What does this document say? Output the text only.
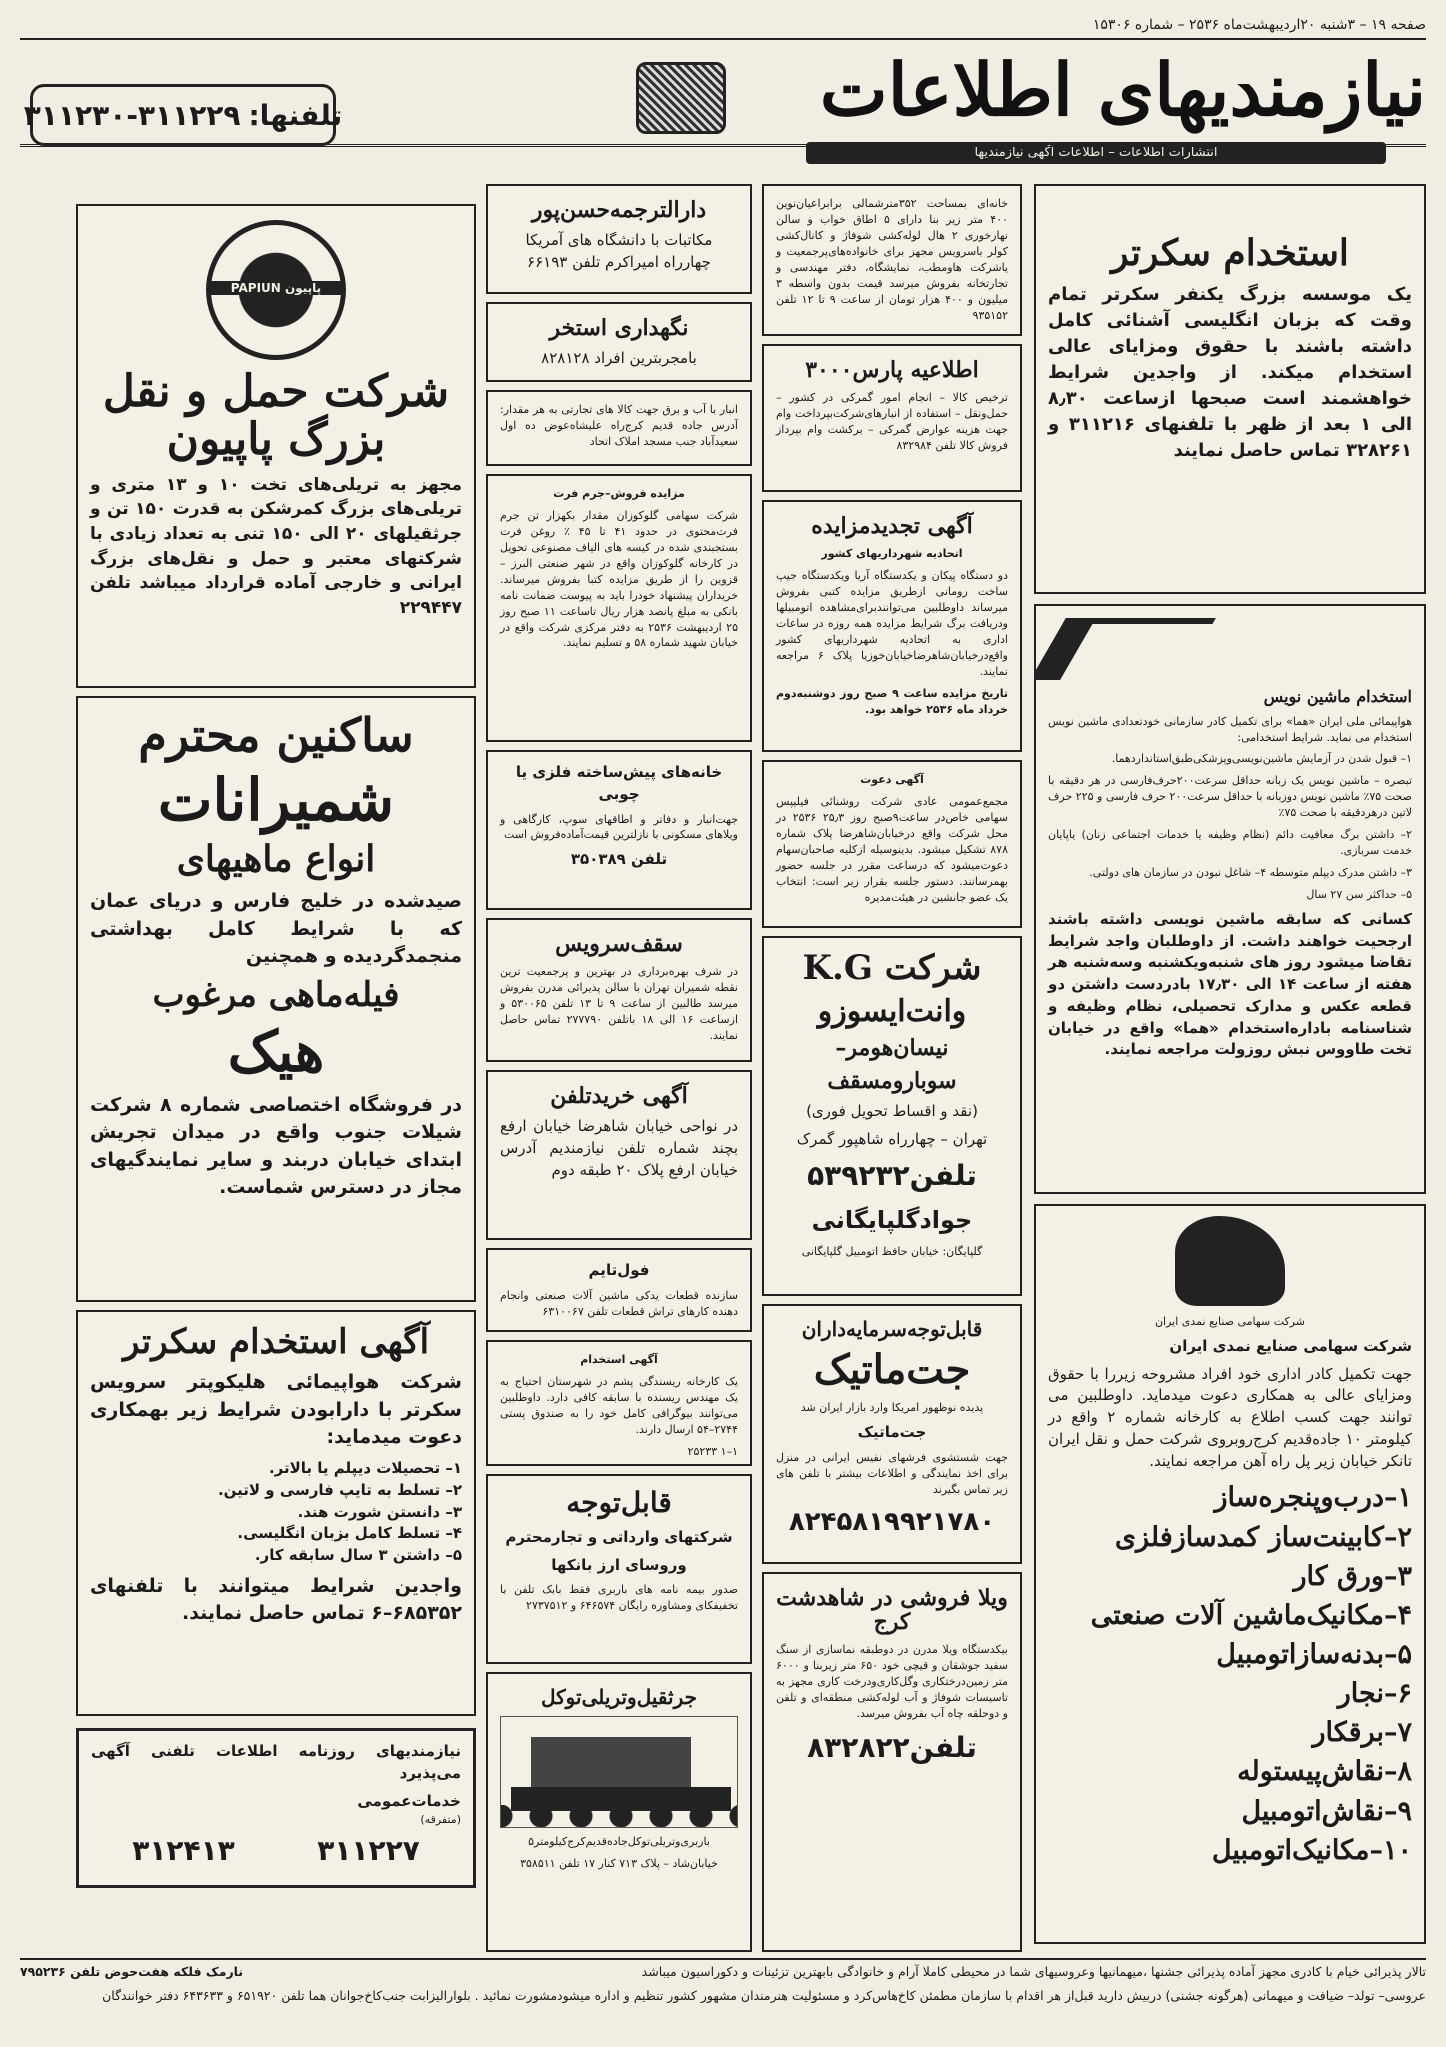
صفحه ۱۹ – ۳شنبه ۲۰اردیبهشت‌ماه ۲۵۳۶ – شماره ۱۵۳۰۶
نیازمندیهای اطلاعات
انتشارات اطلاعات – اطلاعات آگهی نیازمندیها
تلفنها:
۳۱۱۲۳۰-۳۱۱۲۲۹
استخدام سکرتر

یک موسسه بزرگ یکنفر سکرتر تمام وقت که بزبان انگلیسی آشنائی کامل داشته باشند با حقوق ومزایای عالی استخدام میکند. از واجدین شرایط خواهشمند است صبحها ازساعت ۸٫۳۰ الی ۱ بعد از ظهر با تلفنهای ۳۱۱۲۱۶ و ۳۲۸۲۶۱ تماس حاصل نمایند

استخدام ماشین نویس

هواپیمائی ملی ایران «هما» برای تکمیل کادر سازمانی خودتعدادی ماشین نویس استخدام می نماید. شرایط استخدامی:

۱– قبول شدن در آزمایش ماشین‌نویسی‌وپزشکی‌طبق‌استانداردهما.

تبصره – ماشین نویس یک زبانه حداقل سرعت۲۰۰حرف‌فارسی در هر دقیقه با صحت ۷۵٪ ماشین نویس دوزبانه با حداقل سرعت۲۰۰ حرف فارسی و ۲۲۵ حرف لاتین درهردقیقه با صحت ۷۵٪

۲– داشتن برگ معافیت دائم (نظام وظیفه یا خدمات اجتماعی زنان) یاپایان خدمت سربازی.

۳– داشتن مدرک دیپلم متوسطه ۴– شاغل نبودن در سازمان های دولتی.

۵– حداکثر سن ۲۷ سال

کسانی که سابقه ماشین نویسی داشته باشند ارجحیت خواهند داشت. از داوطلبان واجد شرایط تقاضا میشود روز های شنبه‌و‌یکشنبه وسه‌شنبه هر هفته از ساعت ۱۴ الی ۱۷٫۳۰ بادردست داشتن دو قطعه عکس و مدارک تحصیلی، نظام وظیفه و شناسنامه باداره‌استخدام «هما» واقع در خیابان تخت طاووس نبش روزولت مراجعه نمایند.

شرکت سهامی صنایع نمدی ایران

شرکت سهامی صنایع نمدی ایران

جهت تکمیل کادر اداری خود افراد مشروحه زیررا با حقوق ومزایای عالی به همکاری دعوت میدماید. داوطلبین می توانند جهت کسب اطلاع به کارخانه شماره ۲ واقع در کیلومتر ۱۰ جاده‌قدیم کرج‌روبروی شرکت حمل و نقل ایران تانکر خیابان زیر پل راه آهن مراجعه نمایند.

۱–درب‌وپنجره‌ساز
۲–کابینت‌ساز کمدسازفلزی
۳–ورق کار
۴–مکانیک‌ماشین آلات صنعتی
۵–بدنه‌سازاتومبیل
۶–نجار
۷–برقکار
۸–نقاش‌پیستوله
۹–نقاش‌اتومبیل
۱۰–مکانیک‌اتومبیل

خانه‌ای بمساحت ۳۵۲مترشمالی برابراعیان‌نوین ۴۰۰ متر زیر بنا دارای ۵ اطاق خواب و سالن نهارخوری ۲ هال لوله‌کشی شوفاژ و کانال‌کشی کولر باسرویس مجهز برای خانواده‌های‌پرجمعیت و یاشرکت هاومطب، نمایشگاه، دفتر مهندسی و تجارتخانه بفروش میرسد قیمت بدون واسطه ۳ میلیون و ۴۰۰ هزار تومان از ساعت ۹ تا ۱۲ تلفن ۹۳۵۱۵۲

اطلاعیه پارس۳۰۰۰

ترخیص کالا – انجام امور گمرکی در کشور – حمل‌و‌نقل – استفاده از انبارهای‌شرکت‌بپرداخت وام جهت هزینه عوارض گمرکی – برکشت وام بپرداز فروش کالا تلفن ۸۳۲۹۸۴

آگهی تجدیدمزایده

اتحادیه شهرداریهای کشور

دو دستگاه پیکان و یکدستگاه آریا ویکدستگاه جیپ ساخت رومانی ازطریق مزایده کتبی بفروش میرساند داوطلبین می‌توانندبرای‌مشاهده اتومبیلها ودریافت برگ شرایط مزایده همه روزه در ساعات اداری به اتحادیه شهرداریهای کشور واقع‌درخیابان‌شاهرضاخیابان‌خوزیا پلاک ۶ مراجعه نمایند.

تاریخ مزایده ساعت ۹ صبح روز دوشنبه‌دوم خرداد ماه ۲۵۳۶ خواهد بود.

آگهی دعوت

مجمع‌عمومی عادی شرکت روشنائی فیلیپس سهامی خاص‌در ساعت۹صبح روز ۲۵٫۳ ۲۵۳۶ در محل شرکت واقع در‌خیابان‌شاهرضا پلاک شماره ۸۷۸ تشکیل میشود. بدینوسیله ازکلیه صاحبان‌سهام دعوت‌میشود که درساعت مقرر در جلسه حضور بهمرسانند. دستور جلسه بقرار زیر است: انتخاب یک عضو جانشین در هیئت‌مدیره

شرکت K.G
وانت‌ایسوزو
نیسان‌هومر–
سوبارومسقف

(نقد و اقساط تحویل فوری)

تهران – چهارراه شاهپور گمرک

تلفن۵۳۹۲۳۲

جوادگلپایگانی

گلپایگان: خیابان حافظ اتومبیل گلپایگانی

قابل‌توجه‌سرمایه‌داران
جت‌ماتیک

پدیده نوظهور امریکا وارد بازار ایران شد

جت‌ماتیک

جهت شستشوی فرشهای نفیس ایرانی در منزل برای اخذ نمایندگی و اطلاعات بیشتر با تلفن های زیر تماس بگیرند

۸۲۴۵۸۱۹۹۲۱۷۸۰

ویلا فروشی در شاهدشت کرج

بیکدستگاه ویلا مدرن در دوطبقه نماسازی از سنگ سفید جوشقان و قیچی خود ۶۵۰ متر زیربنا و ۶۰۰۰ متر زمین‌درختکاری وگل‌کاری‌ودرخت کاری مجهز به تاسیسات شوفاژ و آب لوله‌کشی منطقه‌ای و تلفن و دوحلقه چاه آب بفروش میرسد.

تلفن۸۳۲۸۲۲

دارالترجمه‌حسن‌پور

مکاتبات با دانشگاه های آمریکا چهارراه امیراکرم تلفن ۶۶۱۹۳

نگهداری استخر

بامجربترین افراد ۸۲۸۱۲۸

انبار با آب و برق جهت کالا های تجارتی به هر مقدار: آدرس جاده قدیم کرج‌راه علیشاه‌عوض ده اول سعیدآباد جنب مسجد املاک اتحاد

مزایده فروش–جرم فرت

شرکت سهامی گلوکوزان مقدار بکهزار تن جرم فرت‌محتوی در حدود ۴۱ تا ۴۵ ٪ روغن فرت بستجبندی شده در کیسه های الیاف مصنوعی تحویل در کارخانه گلوکوزان واقع در شهر صنعتی البرز – قزوین را از طریق مزایده کتبا بفروش میرساند. خریداران پیشنهاد خودرا باید به پیوست ضمانت نامه بانکی به مبلغ پانصد هزار ریال تاساعت ۱۱ صبح روز ۲۵ اردیبهشت ۲۵۳۶ به دفتر مرکزی شرکت واقع در خیابان شهید شماره ۵۸ و تسلیم نمایند.

خانه‌های پیش‌ساخته فلزی یا چوبی

جهت‌انبار و دفاتر و اطاقهای سوپ، کارگاهی و ویلاهای مسکونی با نازلترین قیمت‌آماده‌فروش است

تلفن ۳۵۰۳۸۹

سقف‌سرویس

در شرف بهره‌برداری در بهترین و پرجمعیت ترین نقطه شمیران تهران با سالن پذیرائی مدرن بفروش میرسد طالبین از ساعت ۹ تا ۱۳ تلفن ۵۳۰۰۶۵ و ازساعت ۱۶ الی ۱۸ باتلفن ۲۷۷۷۹۰ تماس حاصل نمایند.

آگهی خریدتلفن

در نواحی خیابان شاهرضا خیابان ارفع بچند شماره تلفن نیازمندیم آدرس خیابان ارفع پلاک ۲۰ طبقه دوم

فول‌تایم

سازنده قطعات یدکی ماشین آلات صنعتی وانجام دهنده کارهای تراش قطعات تلفن ۶۳۱۰۰۶۷

آگهی استخدام

یک کارخانه ریسندگی پشم در شهرستان احتیاج به یک مهندس ریسنده با سابقه کافی دارد. داوطلبین می‌توانند بیوگرافی کامل خود را به صندوق پستی ۲۷۴۴–۵۴ ارسال دارند.

۱–۱ ۲۵۲۳۳

قابل‌توجه

شرکتهای وارداتی و تجارمحترم

وروسای ارز بانکها

صدور بیمه نامه های باربری فقط بابک تلفن با تخفیفکای ومشاوره رایگان ۶۴۶۵۷۴ و ۲۷۳۷۵۱۲

جرثقیل‌وتریلی‌توکل

باربری‌وتریلی‌توکل‌جاده‌قدیم‌کرج‌کیلومتر۵

خیابان‌شاد – پلاک ۷۱۳ کنار ۱۷ تلفن ۳۵۸۵۱۱

پاپیون PAPIUN
شرکت حمل و نقل بزرگ پاپیون

مجهز به تریلی‌های تخت ۱۰ و ۱۳ متری و تریلی‌های بزرگ کمرشکن به قدرت ۱۵۰ تن و جرثقیلهای ۲۰ الی ۱۵۰ تنی به تعداد زیادی با شرکتهای معتبر و حمل و نقل‌های بزرگ ایرانی و خارجی آماده قرارداد میباشد تلفن ۲۲۹۴۴۷

ساکنین محترم
شمیرانات
انواع ماهیهای

صیدشده در خلیج فارس و دریای عمان که با شرایط کامل بهداشتی منجمدگردیده و همچنین

فیله‌ماهی مرغوب
هیک

در فروشگاه اختصاصی شماره ۸ شرکت شیلات جنوب واقع در میدان تجریش ابتدای خیابان دربند و سایر نمایندگیهای مجاز در دسترس شماست.

آگهی استخدام سکرتر

شرکت هواپیمائی هلیکوپتر سرویس سکرتر با دارابودن شرایط زیر بهمکاری دعوت میدماید:

۱– تحصیلات دیپلم یا بالاتر.

۲– تسلط به تایپ فارسی و لاتین.

۳– دانستن شورت هند.

۴– تسلط کامل بزبان انگلیسی.

۵– داشتن ۳ سال سابقه کار.

واجدین شرایط میتوانند با تلفنهای ۶۸۵۳۵۲–۶ تماس حاصل نمایند.

نیازمندیهای روزنامه اطلاعات تلفنی آگهی می‌پذیرد

خدمات‌عمومی

(متفرقه)

۳۱۱۲۲۷
۳۱۲۴۱۳
تالار پذیرائی خیام با کادری مجهز آماده پذیرائی جشنها ،میهمانیها وعروسیهای شما در محیطی کاملا آرام و خانوادگی بابهترین تزئینات و دکوراسیون میباشد
نارمک فلکه هفت‌حوض تلفن ۷۹۵۲۳۶
عروسی– تولد– ضیافت و میهمانی (هرگونه جشنی) دربیش دارید قبل‌از هر اقدام با سازمان مطمئن کاخ‌هاس‌کرد و مسئولیت هنرمندان مشهور کشور تنظیم و اداره میشودمشورت نمائید . بلوارالیزابت جنب‌کاخ‌جوانان هما تلفن ۶۵۱۹۲۰ و ۶۴۳۶۳۳ دفتر خوانندگان
